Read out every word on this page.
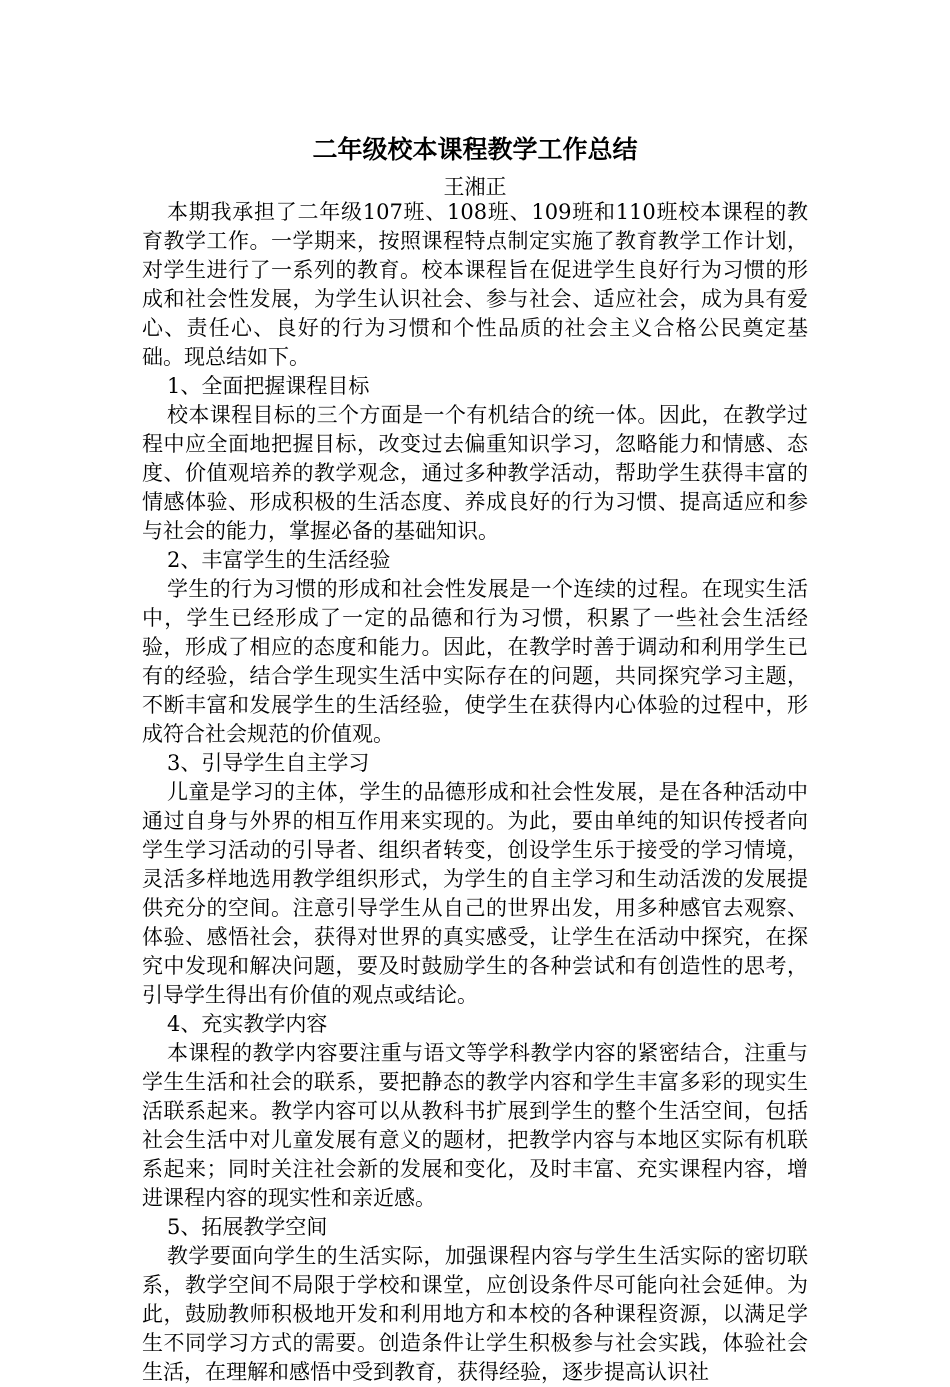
二年级校本课程教学工作总结
王湘正

本期我承担了二年级107班、108班、109班和110班校本课程的教育教学工作。一学期来，按照课程特点制定实施了教育教学工作计划，对学生进行了一系列的教育。校本课程旨在促进学生良好行为习惯的形成和社会性发展，为学生认识社会、参与社会、适应社会，成为具有爱心、责任心、良好的行为习惯和个性品质的社会主义合格公民奠定基础。现总结如下。

1、全面把握课程目标

校本课程目标的三个方面是一个有机结合的统一体。因此，在教学过程中应全面地把握目标，改变过去偏重知识学习，忽略能力和情感、态度、价值观培养的教学观念，通过多种教学活动，帮助学生获得丰富的情感体验、形成积极的生活态度、养成良好的行为习惯、提高适应和参与社会的能力，掌握必备的基础知识。

2、丰富学生的生活经验

学生的行为习惯的形成和社会性发展是一个连续的过程。在现实生活中，学生已经形成了一定的品德和行为习惯，积累了一些社会生活经验，形成了相应的态度和能力。因此，在教学时善于调动和利用学生已有的经验，结合学生现实生活中实际存在的问题，共同探究学习主题，不断丰富和发展学生的生活经验，使学生在获得内心体验的过程中，形成符合社会规范的价值观。

3、引导学生自主学习

儿童是学习的主体，学生的品德形成和社会性发展，是在各种活动中通过自身与外界的相互作用来实现的。为此，要由单纯的知识传授者向学生学习活动的引导者、组织者转变，创设学生乐于接受的学习情境，灵活多样地选用教学组织形式，为学生的自主学习和生动活泼的发展提供充分的空间。注意引导学生从自己的世界出发，用多种感官去观察、体验、感悟社会，获得对世界的真实感受，让学生在活动中探究，在探究中发现和解决问题，要及时鼓励学生的各种尝试和有创造性的思考，引导学生得出有价值的观点或结论。

4、充实教学内容

本课程的教学内容要注重与语文等学科教学内容的紧密结合，注重与学生生活和社会的联系，要把静态的教学内容和学生丰富多彩的现实生活联系起来。教学内容可以从教科书扩展到学生的整个生活空间，包括社会生活中对儿童发展有意义的题材，把教学内容与本地区实际有机联系起来；同时关注社会新的发展和变化，及时丰富、充实课程内容，增进课程内容的现实性和亲近感。

5、拓展教学空间

教学要面向学生的生活实际，加强课程内容与学生生活实际的密切联系，教学空间不局限于学校和课堂，应创设条件尽可能向社会延伸。为此，鼓励教师积极地开发和利用地方和本校的各种课程资源，以满足学生不同学习方式的需要。创造条件让学生积极参与社会实践，体验社会生活，在理解和感悟中受到教育，获得经验，逐步提高认识社
